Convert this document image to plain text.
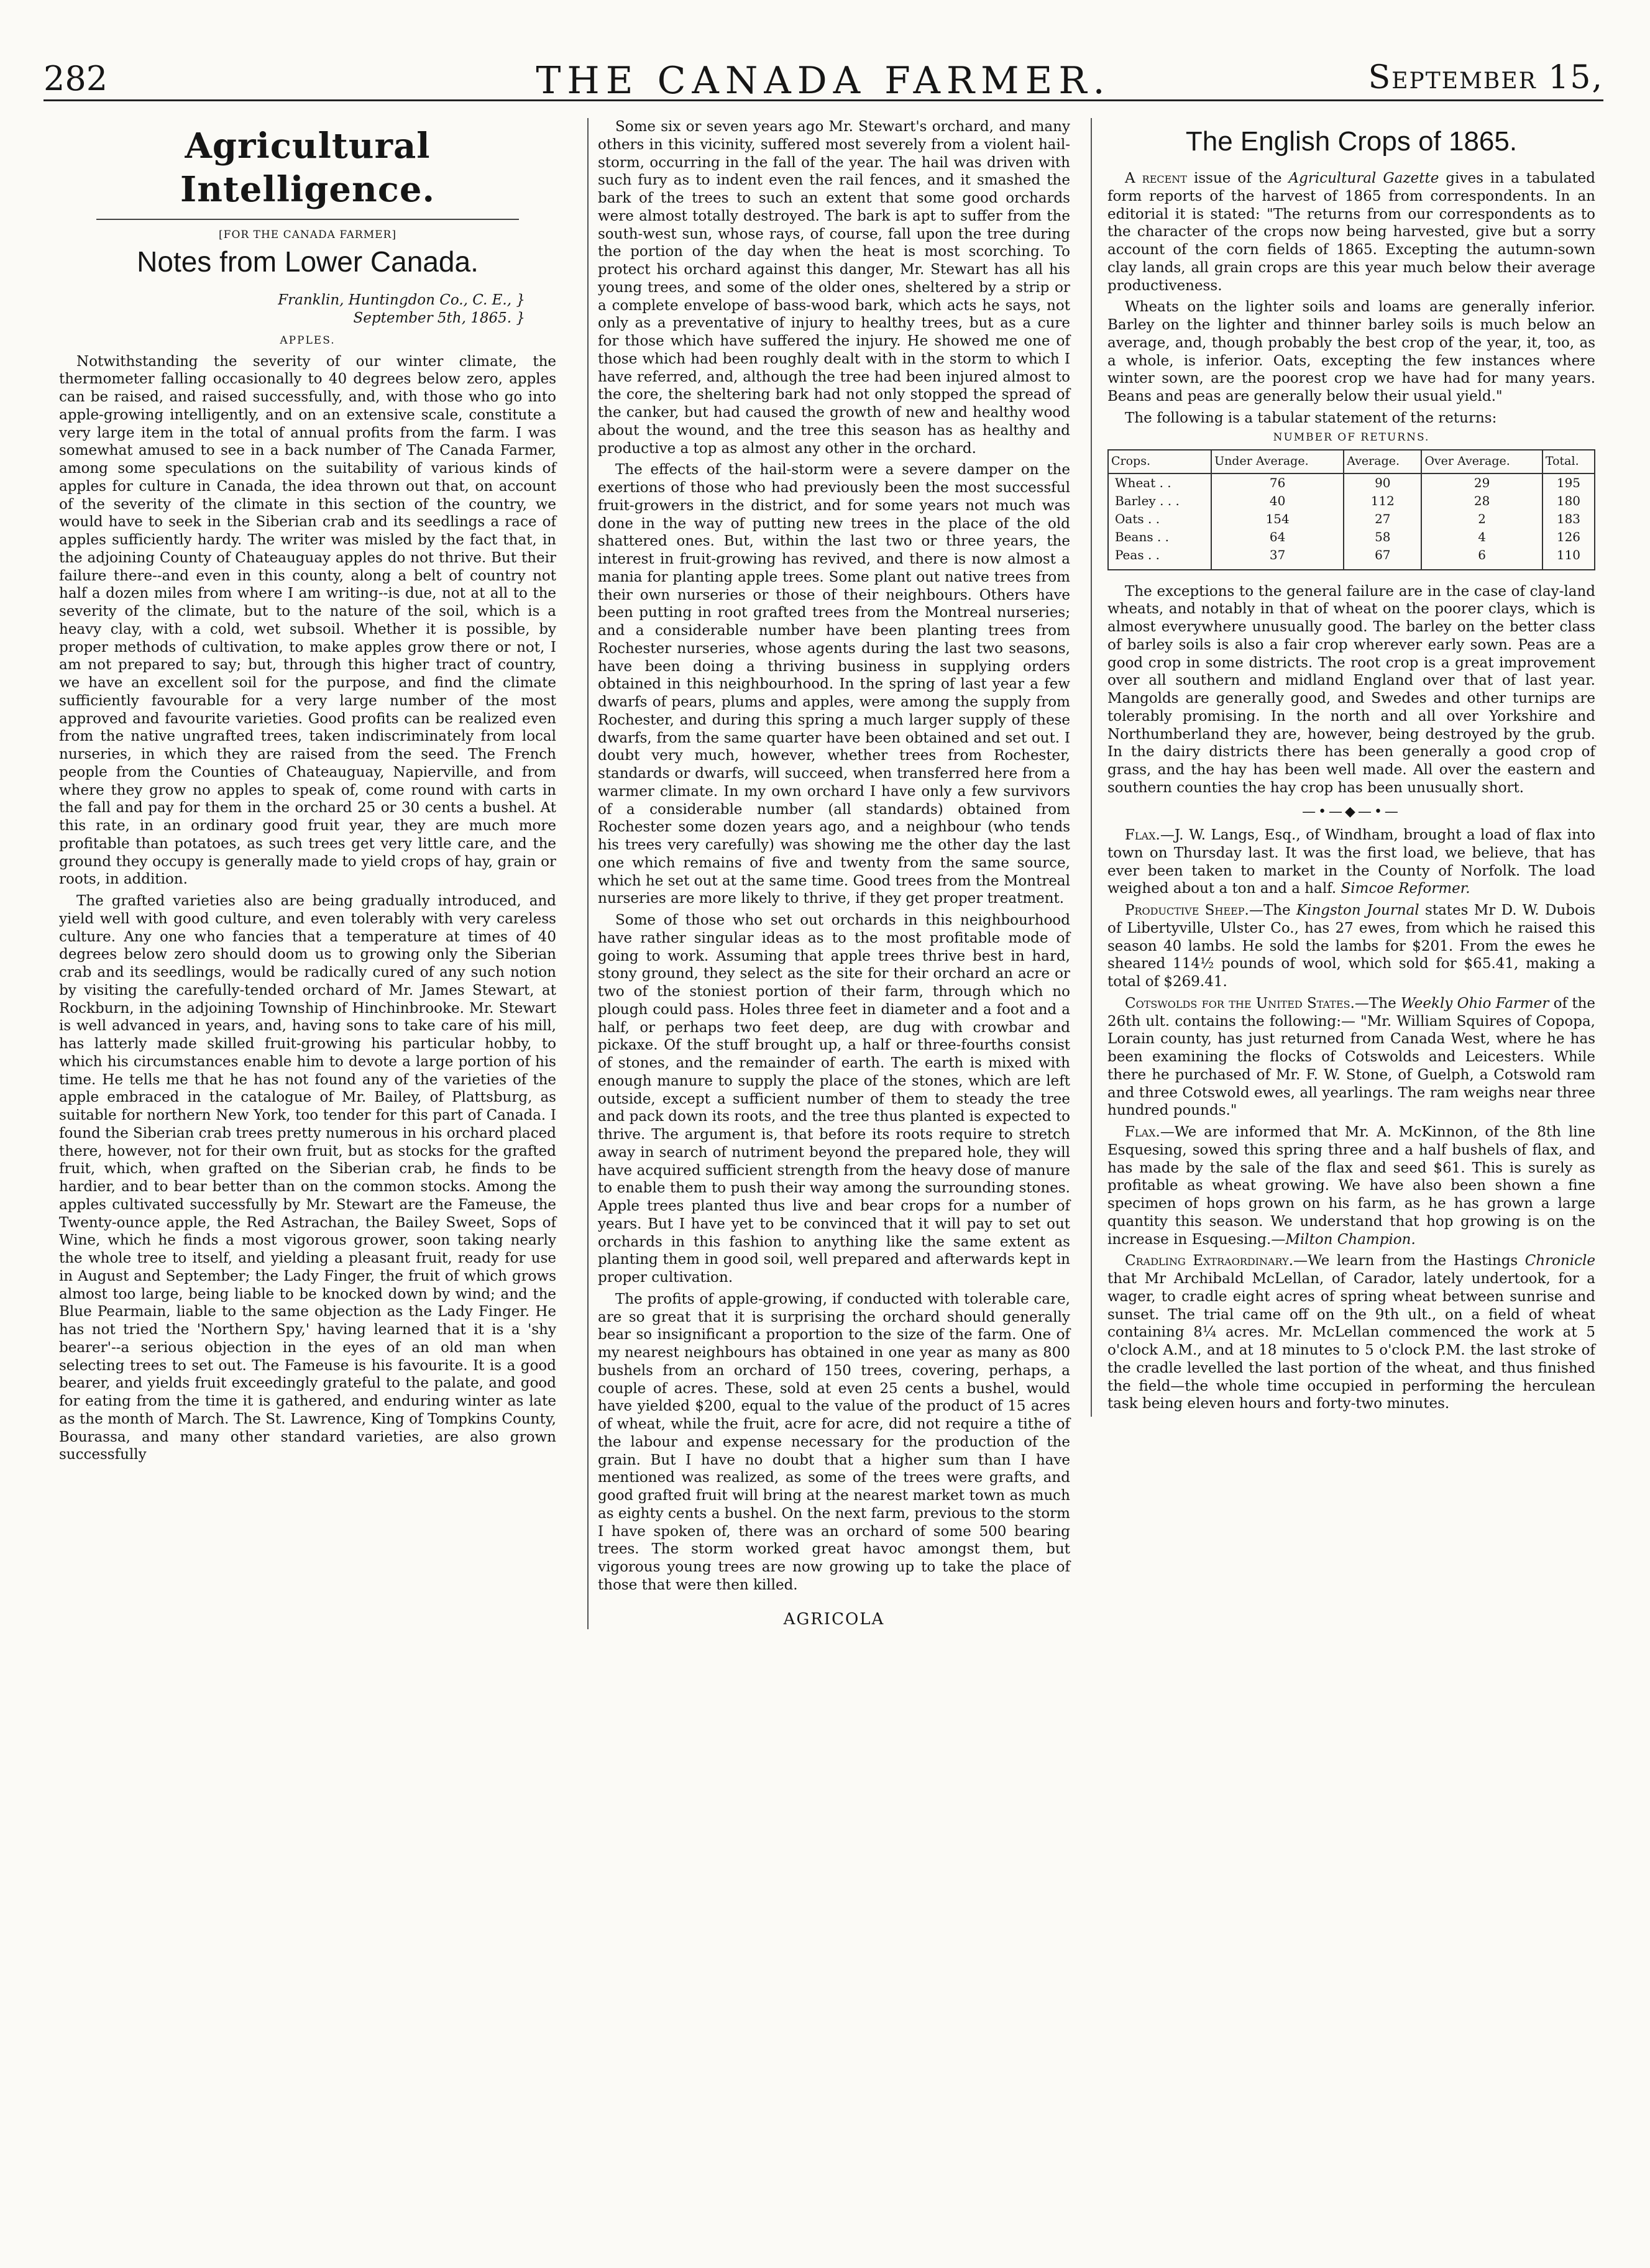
282	THE CANADA FARMER.	September 15,
Agricultural Intelligence.
[FOR THE CANADA FARMER]
Notes from Lower Canada.
Franklin, Huntingdon Co., C. E., }
September 5th, 1865. }
APPLES.

Notwithstanding the severity of our winter climate, the thermometer falling occasionally to 40 degrees below zero, apples can be raised, and raised successfully, and, with those who go into apple-growing intelligently, and on an extensive scale, constitute a very large item in the total of annual profits from the farm. I was somewhat amused to see in a back number of The Canada Farmer, among some speculations on the suitability of various kinds of apples for culture in Canada, the idea thrown out that, on account of the severity of the climate in this section of the country, we would have to seek in the Siberian crab and its seedlings a race of apples sufficiently hardy. The writer was misled by the fact that, in the adjoining County of Chateauguay apples do not thrive. But their failure there--and even in this county, along a belt of country not half a dozen miles from where I am writing--is due, not at all to the severity of the climate, but to the nature of the soil, which is a heavy clay, with a cold, wet subsoil. Whether it is possible, by proper methods of cultivation, to make apples grow there or not, I am not prepared to say; but, through this higher tract of country, we have an excellent soil for the purpose, and find the climate sufficiently favourable for a very large number of the most approved and favourite varieties. Good profits can be realized even from the native ungrafted trees, taken indiscriminately from local nurseries, in which they are raised from the seed. The French people from the Counties of Chateauguay, Napierville, and from where they grow no apples to speak of, come round with carts in the fall and pay for them in the orchard 25 or 30 cents a bushel. At this rate, in an ordinary good fruit year, they are much more profitable than potatoes, as such trees get very little care, and the ground they occupy is generally made to yield crops of hay, grain or roots, in addition.

The grafted varieties also are being gradually introduced, and yield well with good culture, and even tolerably with very careless culture. Any one who fancies that a temperature at times of 40 degrees below zero should doom us to growing only the Siberian crab and its seedlings, would be radically cured of any such notion by visiting the carefully-tended orchard of Mr. James Stewart, at Rockburn, in the adjoining Township of Hinchinbrooke. Mr. Stewart is well advanced in years, and, having sons to take care of his mill, has latterly made skilled fruit-growing his particular hobby, to which his circumstances enable him to devote a large portion of his time. He tells me that he has not found any of the varieties of the apple embraced in the catalogue of Mr. Bailey, of Plattsburg, as suitable for northern New York, too tender for this part of Canada. I found the Siberian crab trees pretty numerous in his orchard placed there, however, not for their own fruit, but as stocks for the grafted fruit, which, when grafted on the Siberian crab, he finds to be hardier, and to bear better than on the common stocks. Among the apples cultivated successfully by Mr. Stewart are the Fameuse, the Twenty-ounce apple, the Red Astrachan, the Bailey Sweet, Sops of Wine, which he finds a most vigorous grower, soon taking nearly the whole tree to itself, and yielding a pleasant fruit, ready for use in August and September; the Lady Finger, the fruit of which grows almost too large, being liable to be knocked down by wind; and the Blue Pearmain, liable to the same objection as the Lady Finger. He has not tried the 'Northern Spy,' having learned that it is a 'shy bearer'--a serious objection in the eyes of an old man when selecting trees to set out. The Fameuse is his favourite. It is a good bearer, and yields fruit exceedingly grateful to the palate, and good for eating from the time it is gathered, and enduring winter as late as the month of March. The St. Lawrence, King of Tompkins County, Bourassa, and many other standard varieties, are also grown successfully

Some six or seven years ago Mr. Stewart's orchard, and many others in this vicinity, suffered most severely from a violent hail-storm, occurring in the fall of the year. The hail was driven with such fury as to indent even the rail fences, and it smashed the bark of the trees to such an extent that some good orchards were almost totally destroyed. The bark is apt to suffer from the south-west sun, whose rays, of course, fall upon the tree during the portion of the day when the heat is most scorching. To protect his orchard against this danger, Mr. Stewart has all his young trees, and some of the older ones, sheltered by a strip or a complete envelope of bass-wood bark, which acts he says, not only as a preventative of injury to healthy trees, but as a cure for those which have suffered the injury. He showed me one of those which had been roughly dealt with in the storm to which I have referred, and, although the tree had been injured almost to the core, the sheltering bark had not only stopped the spread of the canker, but had caused the growth of new and healthy wood about the wound, and the tree this season has as healthy and productive a top as almost any other in the orchard.

The effects of the hail-storm were a severe damper on the exertions of those who had previously been the most successful fruit-growers in the district, and for some years not much was done in the way of putting new trees in the place of the old shattered ones. But, within the last two or three years, the interest in fruit-growing has revived, and there is now almost a mania for planting apple trees. Some plant out native trees from their own nurseries or those of their neighbours. Others have been putting in root grafted trees from the Montreal nurseries; and a considerable number have been planting trees from Rochester nurseries, whose agents during the last two seasons, have been doing a thriving business in supplying orders obtained in this neighbourhood. In the spring of last year a few dwarfs of pears, plums and apples, were among the supply from Rochester, and during this spring a much larger supply of these dwarfs, from the same quarter have been obtained and set out. I doubt very much, however, whether trees from Rochester, standards or dwarfs, will succeed, when transferred here from a warmer climate. In my own orchard I have only a few survivors of a considerable number (all standards) obtained from Rochester some dozen years ago, and a neighbour (who tends his trees very carefully) was showing me the other day the last one which remains of five and twenty from the same source, which he set out at the same time. Good trees from the Montreal nurseries are more likely to thrive, if they get proper treatment.

Some of those who set out orchards in this neighbourhood have rather singular ideas as to the most profitable mode of going to work. Assuming that apple trees thrive best in hard, stony ground, they select as the site for their orchard an acre or two of the stoniest portion of their farm, through which no plough could pass. Holes three feet in diameter and a foot and a half, or perhaps two feet deep, are dug with crowbar and pickaxe. Of the stuff brought up, a half or three-fourths consist of stones, and the remainder of earth. The earth is mixed with enough manure to supply the place of the stones, which are left outside, except a sufficient number of them to steady the tree and pack down its roots, and the tree thus planted is expected to thrive. The argument is, that before its roots require to stretch away in search of nutriment beyond the prepared hole, they will have acquired sufficient strength from the heavy dose of manure to enable them to push their way among the surrounding stones. Apple trees planted thus live and bear crops for a number of years. But I have yet to be convinced that it will pay to set out orchards in this fashion to anything like the same extent as planting them in good soil, well prepared and afterwards kept in proper cultivation.

The profits of apple-growing, if conducted with tolerable care, are so great that it is surprising the orchard should generally bear so insignificant a proportion to the size of the farm. One of my nearest neighbours has obtained in one year as many as 800 bushels from an orchard of 150 trees, covering, perhaps, a couple of acres. These, sold at even 25 cents a bushel, would have yielded $200, equal to the value of the product of 15 acres of wheat, while the fruit, acre for acre, did not require a tithe of the labour and expense necessary for the production of the grain. But I have no doubt that a higher sum than I have mentioned was realized, as some of the trees were grafts, and good grafted fruit will bring at the nearest market town as much as eighty cents a bushel. On the next farm, previous to the storm I have spoken of, there was an orchard of some 500 bearing trees. The storm worked great havoc amongst them, but vigorous young trees are now growing up to take the place of those that were then killed.

AGRICOLA
The English Crops of 1865.

A recent issue of the Agricultural Gazette gives in a tabulated form reports of the harvest of 1865 from correspondents. In an editorial it is stated: "The returns from our correspondents as to the character of the crops now being harvested, give but a sorry account of the corn fields of 1865. Excepting the autumn-sown clay lands, all grain crops are this year much below their average productiveness.

Wheats on the lighter soils and loams are generally inferior. Barley on the lighter and thinner barley soils is much below an average, and, though probably the best crop of the year, it, too, as a whole, is inferior. Oats, excepting the few instances where winter sown, are the poorest crop we have had for many years. Beans and peas are generally below their usual yield."

The following is a tabular statement of the returns:

NUMBER OF RETURNS.
Crops.	Under Average.	Average.	Over Average.	Total.
Wheat . .	76	90	29	195
Barley . . .	40	112	28	180
Oats . .	154	27	2	183
Beans . .	64	58	4	126
Peas . .	37	67	6	110

The exceptions to the general failure are in the case of clay-land wheats, and notably in that of wheat on the poorer clays, which is almost everywhere unusually good. The barley on the better class of barley soils is also a fair crop wherever early sown. Peas are a good crop in some districts. The root crop is a great improvement over all southern and midland England over that of last year. Mangolds are generally good, and Swedes and other turnips are tolerably promising. In the north and all over Yorkshire and Northumberland they are, however, being destroyed by the grub. In the dairy districts there has been generally a good crop of grass, and the hay has been well made. All over the eastern and southern counties the hay crop has been unusually short.

—•—◆—•—

Flax.—J. W. Langs, Esq., of Windham, brought a load of flax into town on Thursday last. It was the first load, we believe, that has ever been taken to market in the County of Norfolk. The load weighed about a ton and a half. Simcoe Reformer.

Productive Sheep.—The Kingston Journal states Mr D. W. Dubois of Libertyville, Ulster Co., has 27 ewes, from which he raised this season 40 lambs. He sold the lambs for $201. From the ewes he sheared 114½ pounds of wool, which sold for $65.41, making a total of $269.41.

Cotswolds for the United States.—The Weekly Ohio Farmer of the 26th ult. contains the following:— "Mr. William Squires of Copopa, Lorain county, has just returned from Canada West, where he has been examining the flocks of Cotswolds and Leicesters. While there he purchased of Mr. F. W. Stone, of Guelph, a Cotswold ram and three Cotswold ewes, all yearlings. The ram weighs near three hundred pounds."

Flax.—We are informed that Mr. A. McKinnon, of the 8th line Esquesing, sowed this spring three and a half bushels of flax, and has made by the sale of the flax and seed $61. This is surely as profitable as wheat growing. We have also been shown a fine specimen of hops grown on his farm, as he has grown a large quantity this season. We understand that hop growing is on the increase in Esquesing.—Milton Champion.

Cradling Extraordinary.—We learn from the Hastings Chronicle that Mr Archibald McLellan, of Carador, lately undertook, for a wager, to cradle eight acres of spring wheat between sunrise and sunset. The trial came off on the 9th ult., on a field of wheat containing 8¼ acres. Mr. McLellan commenced the work at 5 o'clock A.M., and at 18 minutes to 5 o'clock P.M. the last stroke of the cradle levelled the last portion of the wheat, and thus finished the field—the whole time occupied in performing the herculean task being eleven hours and forty-two minutes.
